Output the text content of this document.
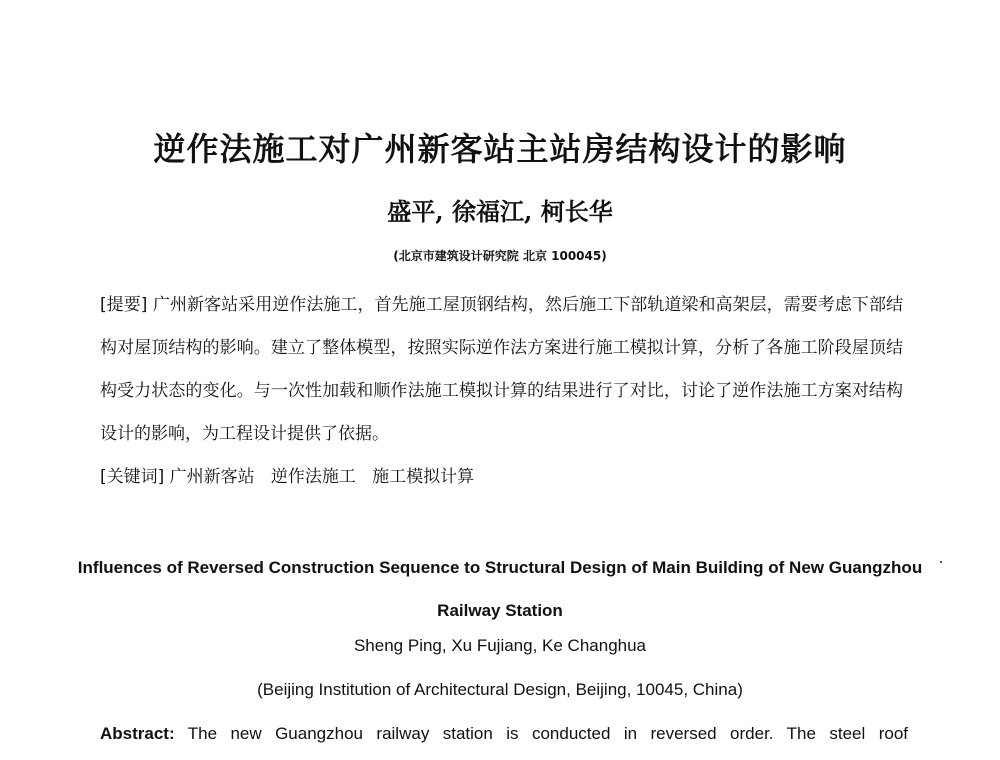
逆作法施工对广州新客站主站房结构设计的影响
盛平, 徐福江, 柯长华
(北京市建筑设计研究院 北京 100045)

[提要] 广州新客站采用逆作法施工，首先施工屋顶钢结构，然后施工下部轨道梁和高架层，需要考虑下部结构对屋顶结构的影响。建立了整体模型，按照实际逆作法方案进行施工模拟计算，分析了各施工阶段屋顶结构受力状态的变化。与一次性加载和顺作法施工模拟计算的结果进行了对比，讨论了逆作法施工方案对结构设计的影响，为工程设计提供了依据。

[关键词] 广州新客站 逆作法施工 施工模拟计算
Influences of Reversed Construction Sequence to Structural Design of Main Building of New Guangzhou Railway Station
Sheng Ping, Xu Fujiang, Ke Changhua
(Beijing Institution of Architectural Design, Beijing, 10045, China)

Abstract: The new Guangzhou railway station is conducted in reversed order. The steel roof
